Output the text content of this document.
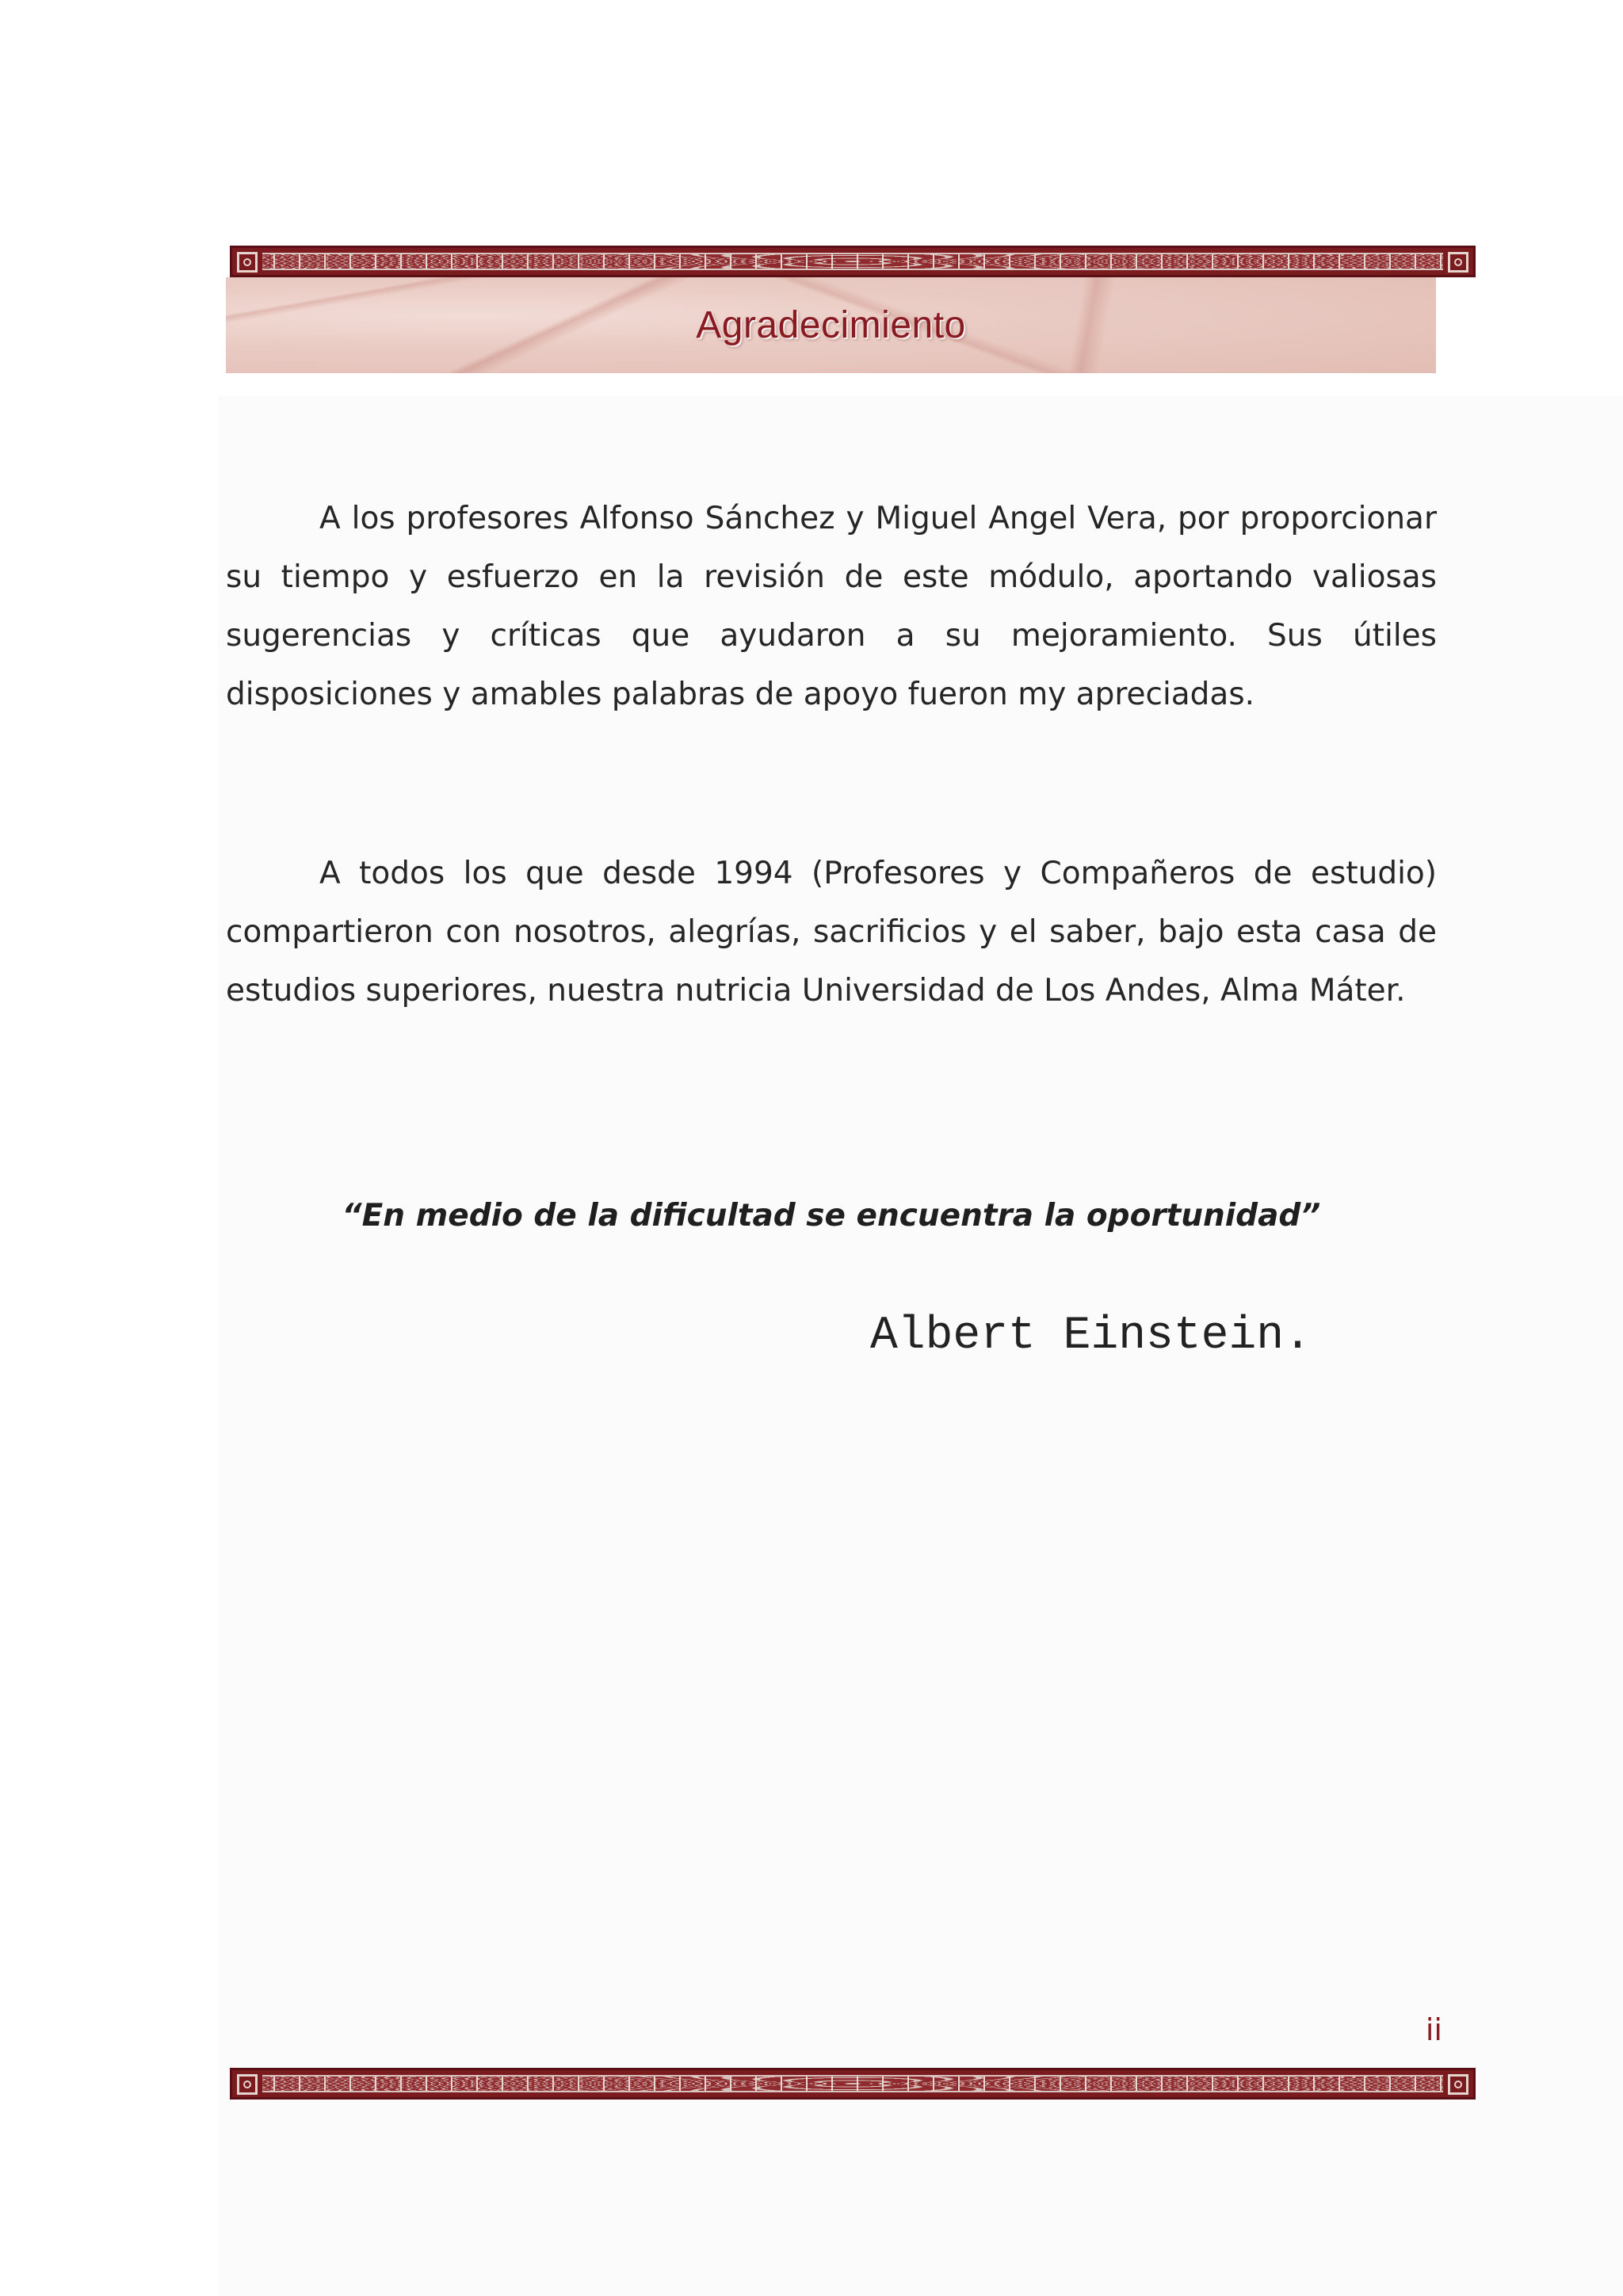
Agradecimiento

A los profesores Alfonso Sánchez y Miguel Angel Vera, por proporcionar su tiempo y esfuerzo en la revisión de este módulo, aportando valiosas sugerencias y críticas que ayudaron a su mejoramiento. Sus útiles disposiciones y amables palabras de apoyo fueron my apreciadas.

A todos los que desde 1994 (Profesores y Compañeros de estudio) compartieron con nosotros, alegrías, sacrificios y el saber, bajo esta casa de estudios superiores, nuestra nutricia Universidad de Los Andes, Alma Máter.

“En medio de la dificultad se encuentra la oportunidad”

Albert Einstein.

ii
